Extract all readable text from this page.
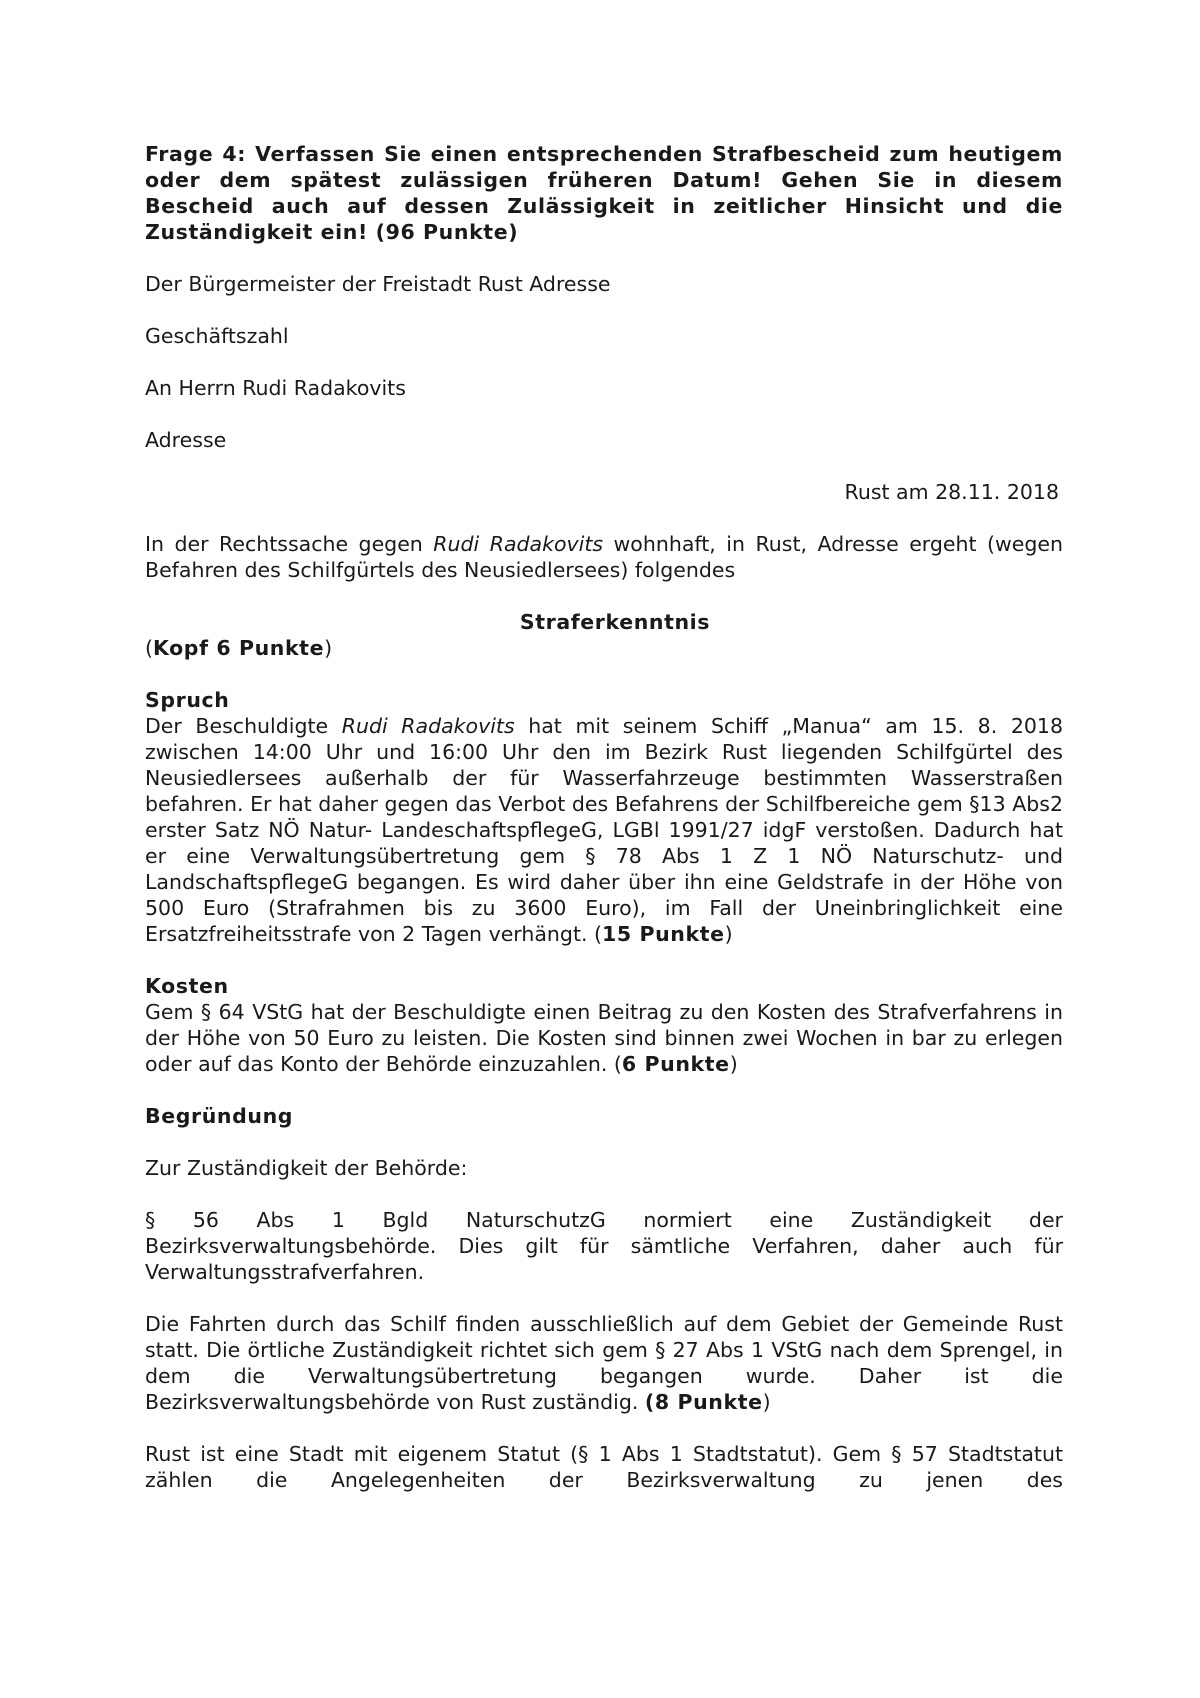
Frage 4: Verfassen Sie einen entsprechenden Strafbescheid zum heutigem oder dem spätest zulässigen früheren Datum! Gehen Sie in diesem Bescheid auch auf dessen Zulässigkeit in zeitlicher Hinsicht und die Zuständigkeit ein! (96 Punkte)

Der Bürgermeister der Freistadt Rust Adresse

Geschäftszahl

An Herrn Rudi Radakovits

Adresse

Rust am 28.11. 2018

In der Rechtssache gegen Rudi Radakovits wohnhaft, in Rust, Adresse ergeht (wegen Befahren des Schilfgürtels des Neusiedlersees) folgendes

Straferkenntnis

(Kopf 6 Punkte)

Spruch

Der Beschuldigte Rudi Radakovits hat mit seinem Schiff „Manua“ am 15. 8. 2018 zwischen 14:00 Uhr und 16:00 Uhr den im Bezirk Rust liegenden Schilfgürtel des Neusiedlersees außerhalb der für Wasserfahrzeuge bestimmten Wasserstraßen befahren. Er hat daher gegen das Verbot des Befahrens der Schilfbereiche gem §13 Abs2 erster Satz NÖ Natur- LandeschaftspflegeG, LGBl 1991/27 idgF verstoßen. Dadurch hat er eine Verwaltungsübertretung gem § 78 Abs 1 Z 1 NÖ Naturschutz- und LandschaftspflegeG begangen. Es wird daher über ihn eine Geldstrafe in der Höhe von 500 Euro (Strafrahmen bis zu 3600 Euro), im Fall der Uneinbringlichkeit eine Ersatzfreiheitsstrafe von 2 Tagen verhängt. (15 Punkte)

Kosten

Gem § 64 VStG hat der Beschuldigte einen Beitrag zu den Kosten des Strafverfahrens in der Höhe von 50 Euro zu leisten. Die Kosten sind binnen zwei Wochen in bar zu erlegen oder auf das Konto der Behörde einzuzahlen. (6 Punkte)

Begründung

Zur Zuständigkeit der Behörde:

§ 56 Abs 1 Bgld NaturschutzG normiert eine Zuständigkeit der Bezirksverwaltungsbehörde. Dies gilt für sämtliche Verfahren, daher auch für Verwaltungsstrafverfahren.

Die Fahrten durch das Schilf finden ausschließlich auf dem Gebiet der Gemeinde Rust statt. Die örtliche Zuständigkeit richtet sich gem § 27 Abs 1 VStG nach dem Sprengel, in dem die Verwaltungsübertretung begangen wurde. Daher ist die Bezirksverwaltungsbehörde von Rust zuständig. (8 Punkte)

Rust ist eine Stadt mit eigenem Statut (§ 1 Abs 1 Stadtstatut). Gem § 57 Stadtstatut zählen die Angelegenheiten der Bezirksverwaltung zu jenen des
